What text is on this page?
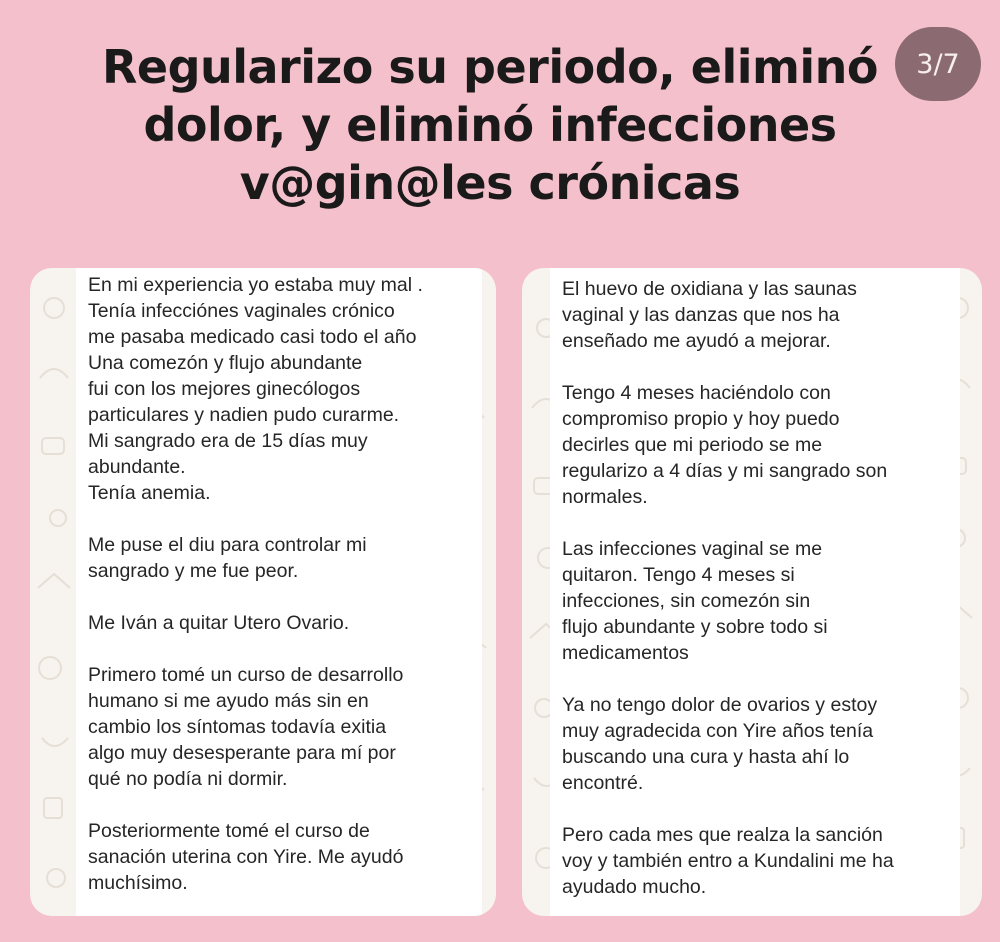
Regularizo su periodo, eliminó
dolor, y eliminó infecciones
v@gin@les crónicas
3/7

En mi experiencia yo estaba muy mal .
Tenía infecciónes vaginales crónico
me pasaba medicado casi todo el año
Una comezón y flujo abundante
fui con los mejores ginecólogos
particulares y nadien pudo curarme.
Mi sangrado era de 15 días muy
abundante.
Tenía anemia.

Me puse el diu para controlar mi
sangrado y me fue peor.

Me Iván a quitar Utero Ovario.

Primero tomé un curso de desarrollo
humano si me ayudo más sin en
cambio los síntomas todavía exitia
algo muy desesperante para mí por
qué no podía ni dormir.

Posteriormente tomé el curso de
sanación uterina con Yire. Me ayudó
muchísimo.

El huevo de oxidiana y las saunas
vaginal y las danzas que nos ha
enseñado me ayudó a mejorar.

Tengo 4 meses haciéndolo con
compromiso propio y hoy puedo
decirles que mi periodo se me
regularizo a 4 días y mi sangrado son
normales.

Las infecciones vaginal se me
quitaron. Tengo 4 meses si
infecciones, sin comezón sin
flujo abundante y sobre todo si
medicamentos

Ya no tengo dolor de ovarios y estoy
muy agradecida con Yire años tenía
buscando una cura y hasta ahí lo
encontré.

Pero cada mes que realza la sanción
voy y también entro a Kundalini me ha
ayudado mucho.
